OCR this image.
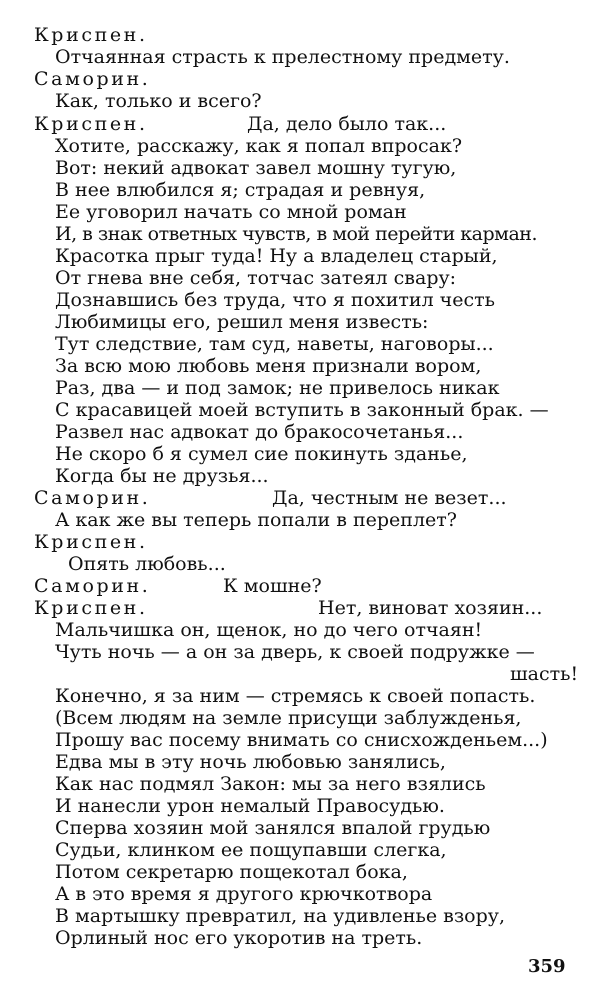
Криспен.
Отчаянная страсть к прелестному предмету.
Саморин.
Как, только и всего?
Криспен.	Да, дело было так...
Хотите, расскажу, как я попал впросак?
Вот: некий адвокат завел мошну тугую,
В нее влюбился я; страдая и ревнуя,
Ее уговорил начать со мной роман
И, в знак ответных чувств, в мой перейти карман.
Красотка прыг туда! Ну а владелец старый,
От гнева вне себя, тотчас затеял свару:
Дознавшись без труда, что я похитил честь
Любимицы его, решил меня известь:
Тут следствие, там суд, наветы, наговоры...
За всю мою любовь меня признали вором,
Раз, два — и под замок; не привелось никак
С красавицей моей вступить в законный брак. —
Развел нас адвокат до бракосочетанья...
Не скоро б я сумел сие покинуть зданье,
Когда бы не друзья...
Саморин.	Да, честным не везет...
А как же вы теперь попали в переплет?
Криспен.
Опять любовь...
Саморин.	К мошне?
Криспен.	Нет, виноват хозяин...
Мальчишка он, щенок, но до чего отчаян!
Чуть ночь — а он за дверь, к своей подружке —
шасть!
Конечно, я за ним — стремясь к своей попасть.
(Всем людям на земле присущи заблужденья,
Прошу вас посему внимать со снисхожденьем...)
Едва мы в эту ночь любовью занялись,
Как нас подмял Закон: мы за него взялись
И нанесли урон немалый Правосудью.
Сперва хозяин мой занялся впалой грудью
Судьи, клинком ее пощупавши слегка,
Потом секретарю пощекотал бока,
А в это время я другого крючкотвора
В мартышку превратил, на удивленье взору,
Орлиный нос его укоротив на треть.
359
